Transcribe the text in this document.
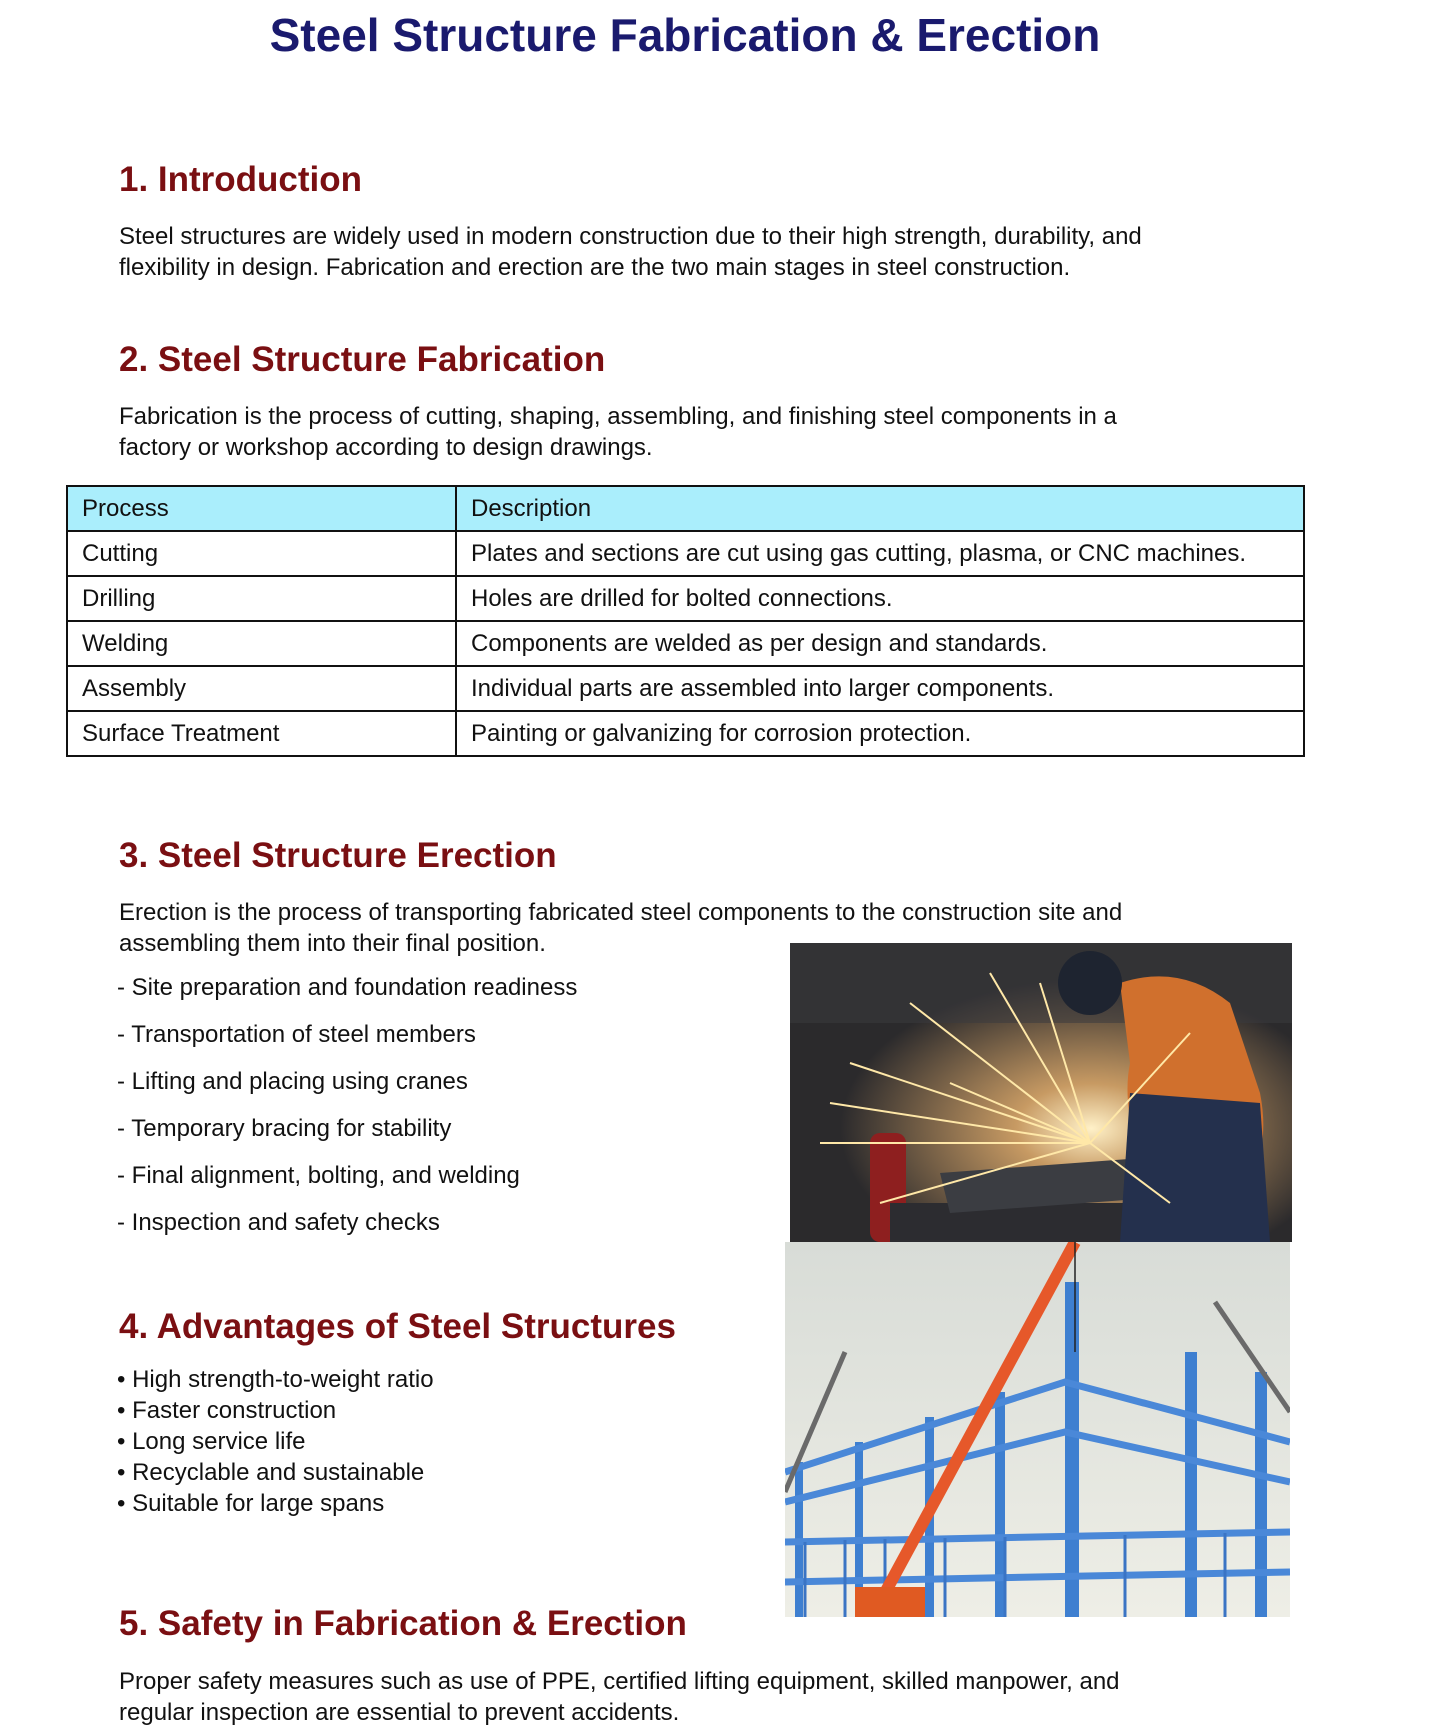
Steel Structure Fabrication & Erection
1. Introduction

Steel structures are widely used in modern construction due to their high strength, durability, and
flexibility in design. Fabrication and erection are the two main stages in steel construction.

2. Steel Structure Fabrication

Fabrication is the process of cutting, shaping, assembling, and finishing steel components in a
factory or workshop according to design drawings.

Process	Description
Cutting	Plates and sections are cut using gas cutting, plasma, or CNC machines.
Drilling	Holes are drilled for bolted connections.
Welding	Components are welded as per design and standards.
Assembly	Individual parts are assembled into larger components.
Surface Treatment	Painting or galvanizing for corrosion protection.
3. Steel Structure Erection

Erection is the process of transporting fabricated steel components to the construction site and
assembling them into their final position.

- Site preparation and foundation readiness
- Transportation of steel members
- Lifting and placing using cranes
- Temporary bracing for stability
- Final alignment, bolting, and welding
- Inspection and safety checks
4. Advantages of Steel Structures
• High strength-to-weight ratio
• Faster construction
• Long service life
• Recyclable and sustainable
• Suitable for large spans
5. Safety in Fabrication & Erection

Proper safety measures such as use of PPE, certified lifting equipment, skilled manpower, and
regular inspection are essential to prevent accidents.
